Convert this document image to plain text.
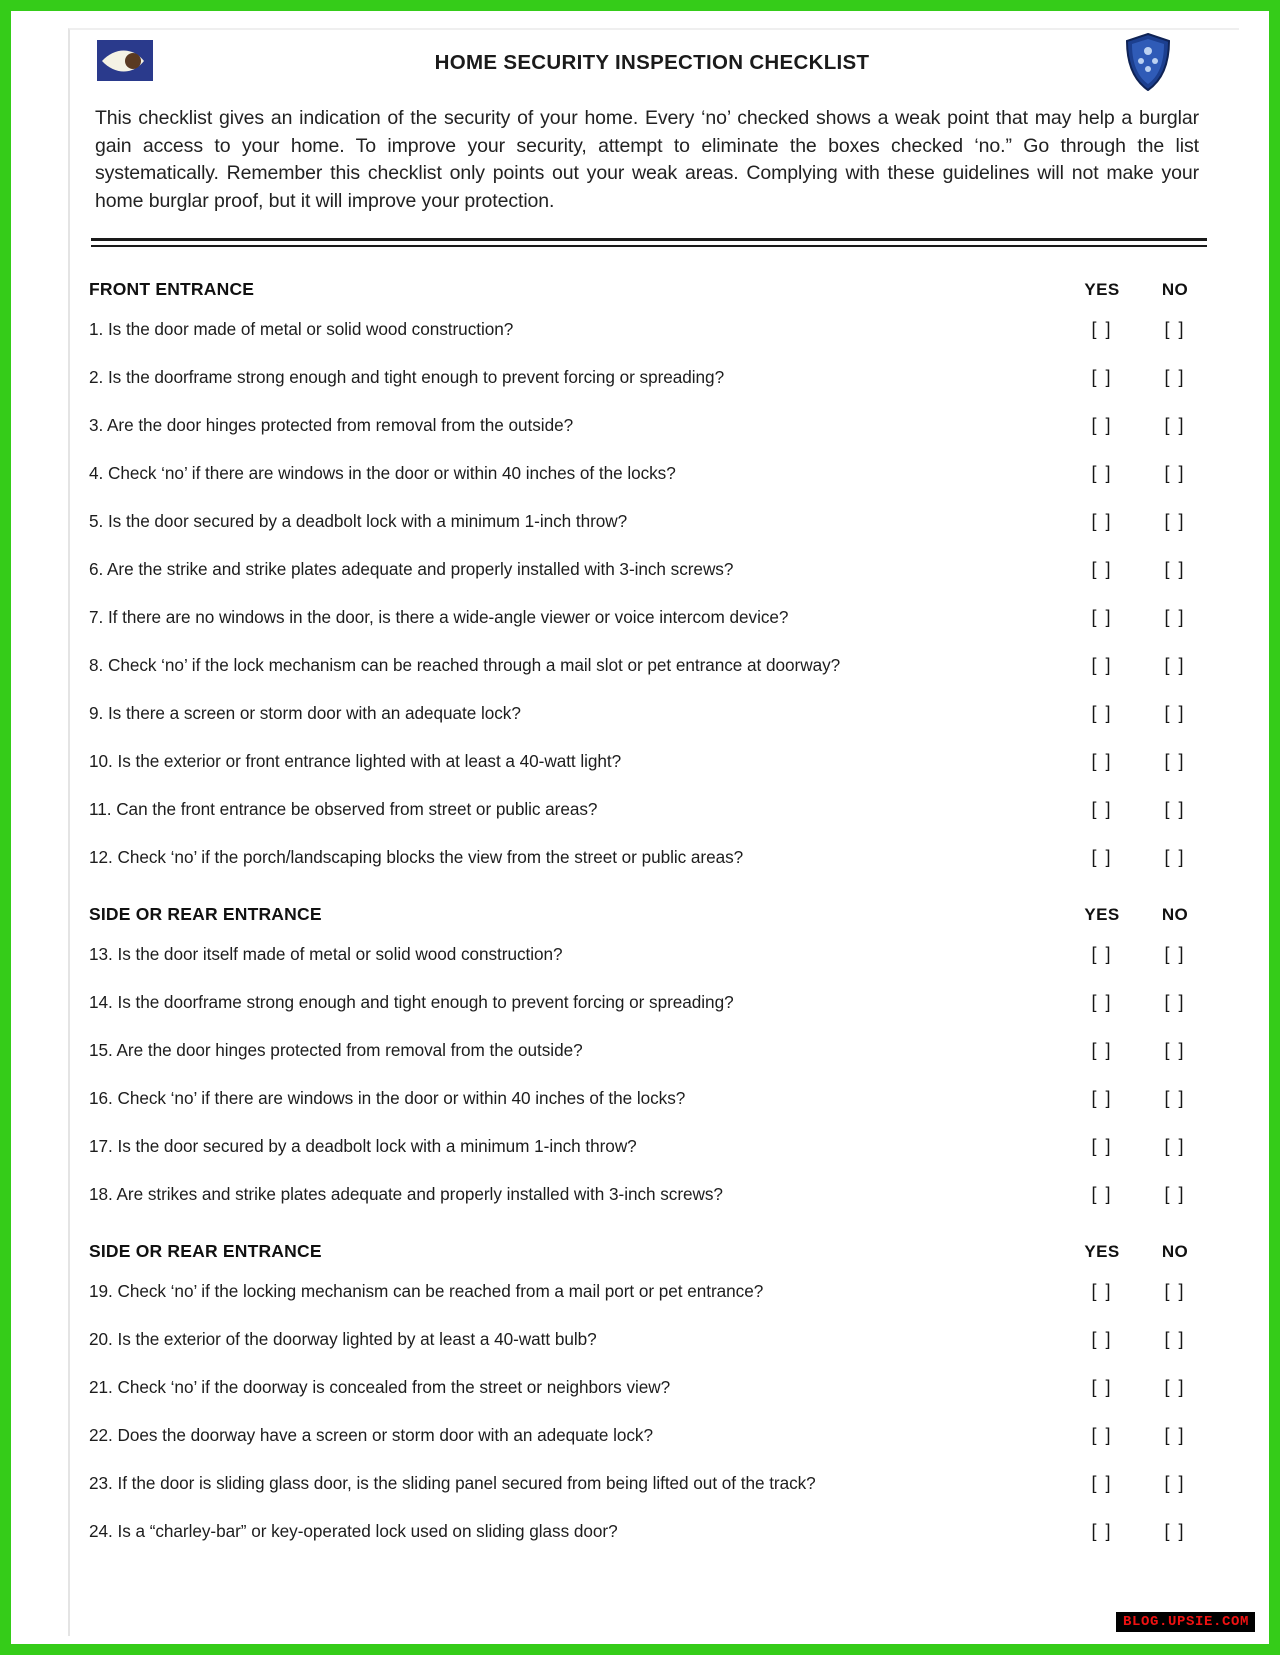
HOME SECURITY INSPECTION CHECKLIST

This checklist gives an indication of the security of your home. Every ‘no’ checked shows a weak point that may help a burglar gain access to your home. To improve your security, attempt to eliminate the boxes checked ‘no.” Go through the list systematically. Remember this checklist only points out your weak areas. Complying with these guidelines will not make your home burglar proof, but it will improve your protection.

FRONT ENTRANCE	YES	NO
1. Is the door made of metal or solid wood construction?	[ ]	[ ]
2. Is the doorframe strong enough and tight enough to prevent forcing or spreading?	[ ]	[ ]
3. Are the door hinges protected from removal from the outside?	[ ]	[ ]
4. Check ‘no’ if there are windows in the door or within 40 inches of the locks?	[ ]	[ ]
5. Is the door secured by a deadbolt lock with a minimum 1-inch throw?	[ ]	[ ]
6. Are the strike and strike plates adequate and properly installed with 3-inch screws?	[ ]	[ ]
7. If there are no windows in the door, is there a wide-angle viewer or voice intercom device?	[ ]	[ ]
8. Check ‘no’ if the lock mechanism can be reached through a mail slot or pet entrance at doorway?	[ ]	[ ]
9. Is there a screen or storm door with an adequate lock?	[ ]	[ ]
10. Is the exterior or front entrance lighted with at least a 40-watt light?	[ ]	[ ]
11. Can the front entrance be observed from street or public areas?	[ ]	[ ]
12. Check ‘no’ if the porch/landscaping blocks the view from the street or public areas?	[ ]	[ ]
SIDE OR REAR ENTRANCE	YES	NO
13. Is the door itself made of metal or solid wood construction?	[ ]	[ ]
14. Is the doorframe strong enough and tight enough to prevent forcing or spreading?	[ ]	[ ]
15. Are the door hinges protected from removal from the outside?	[ ]	[ ]
16. Check ‘no’ if there are windows in the door or within 40 inches of the locks?	[ ]	[ ]
17. Is the door secured by a deadbolt lock with a minimum 1-inch throw?	[ ]	[ ]
18. Are strikes and strike plates adequate and properly installed with 3-inch screws?	[ ]	[ ]
SIDE OR REAR ENTRANCE	YES	NO
19. Check ‘no’ if the locking mechanism can be reached from a mail port or pet entrance?	[ ]	[ ]
20. Is the exterior of the doorway lighted by at least a 40-watt bulb?	[ ]	[ ]
21. Check ‘no’ if the doorway is concealed from the street or neighbors view?	[ ]	[ ]
22. Does the doorway have a screen or storm door with an adequate lock?	[ ]	[ ]
23. If the door is sliding glass door, is the sliding panel secured from being lifted out of the track?	[ ]	[ ]
24. Is a “charley-bar” or key-operated lock used on sliding glass door?	[ ]	[ ]
BLOG.UPSIE.COM
